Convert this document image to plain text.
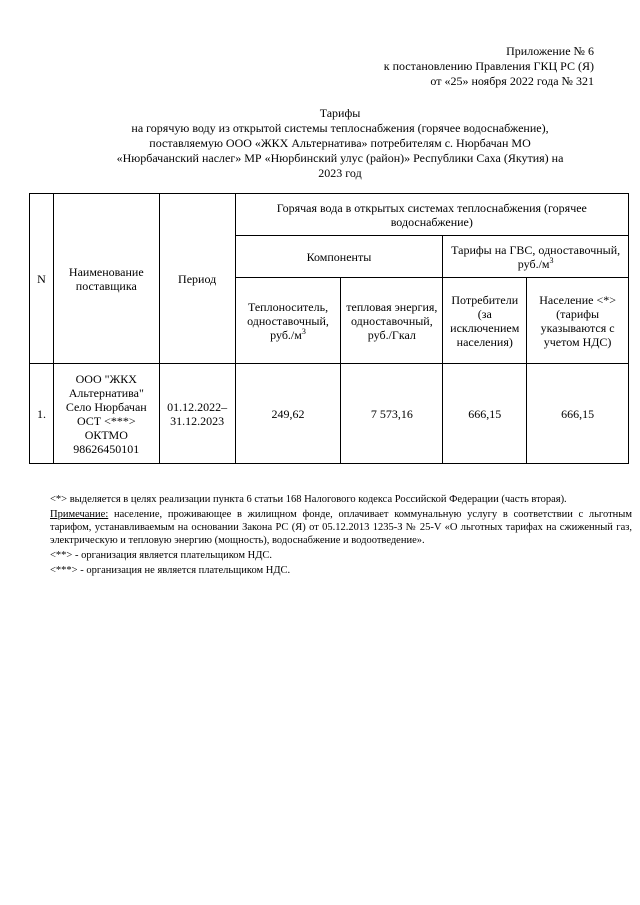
Приложение № 6
к постановлению Правления ГКЦ РС (Я)
от «25» ноября 2022 года № 321
Тарифы
на горячую воду из открытой системы теплоснабжения (горячее водоснабжение),
поставляемую ООО «ЖКХ Альтернатива» потребителям с. Нюрбачан МО
«Нюрбачанский наслег» МР «Нюрбинский улус (район)» Республики Саха (Якутия) на
2023 год
N	Наименование поставщика	Период	Горячая вода в открытых системах теплоснабжения (горячее водоснабжение)			
			Компоненты		Тарифы на ГВС, одноставочный, $руб./м^3$
			Теплоноситель, одноставочный, $руб./м^3$	тепловая энергия, одноставочный, руб./Гкал	Потребители (за исключением населения)	Население <*> (тарифы указываются с учетом НДС)
1.	ООО "ЖКХ Альтернатива" Село Нюрбачан ОСТ <***> ОКТМО 98626450101	01.12.2022– 31.12.2023	249,62	7 573,16	666,15	666,15

<*> выделяется в целях реализации пункта 6 статьи 168 Налогового кодекса Российской Федерации (часть вторая).

Примечание: население, проживающее в жилищном фонде, оплачивает коммунальную услугу в соответствии с льготным тарифом, устанавливаемым на основании Закона РС (Я) от 05.12.2013 1235-З № 25-V «О льготных тарифах на сжиженный газ, электрическую и тепловую энергию (мощность), водоснабжение и водоотведение».

<**> - организация является плательщиком НДС.

<***> - организация не является плательщиком НДС.
